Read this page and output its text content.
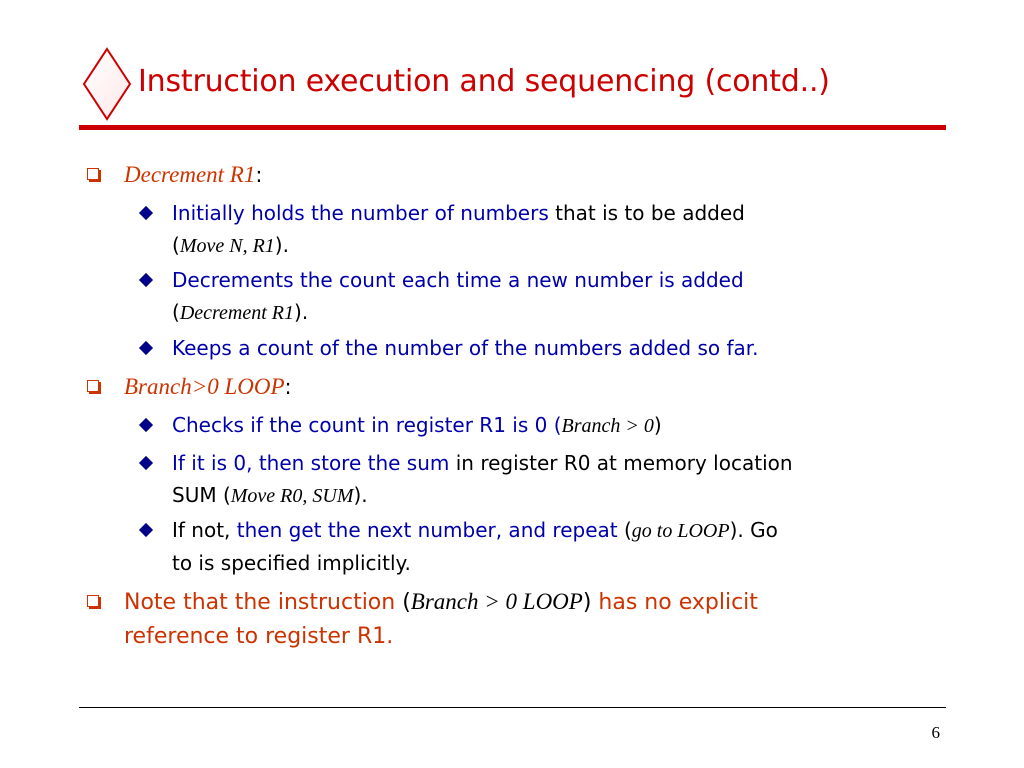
Instruction execution and sequencing (contd..)
Decrement R1:
Initially holds the number of numbers that is to be added
(Move N, R1).
Decrements the count each time a new number is added
(Decrement R1).
Keeps a count of the number of the numbers added so far.
Branch>0 LOOP:
Checks if the count in register R1 is 0 (Branch > 0)
If it is 0, then store the sum in register R0 at memory location
SUM (Move R0, SUM).
If not, then get the next number, and repeat (go to LOOP). Go
to is specified implicitly.
Note that the instruction (Branch > 0 LOOP) has no explicit
reference to register R1.
6
